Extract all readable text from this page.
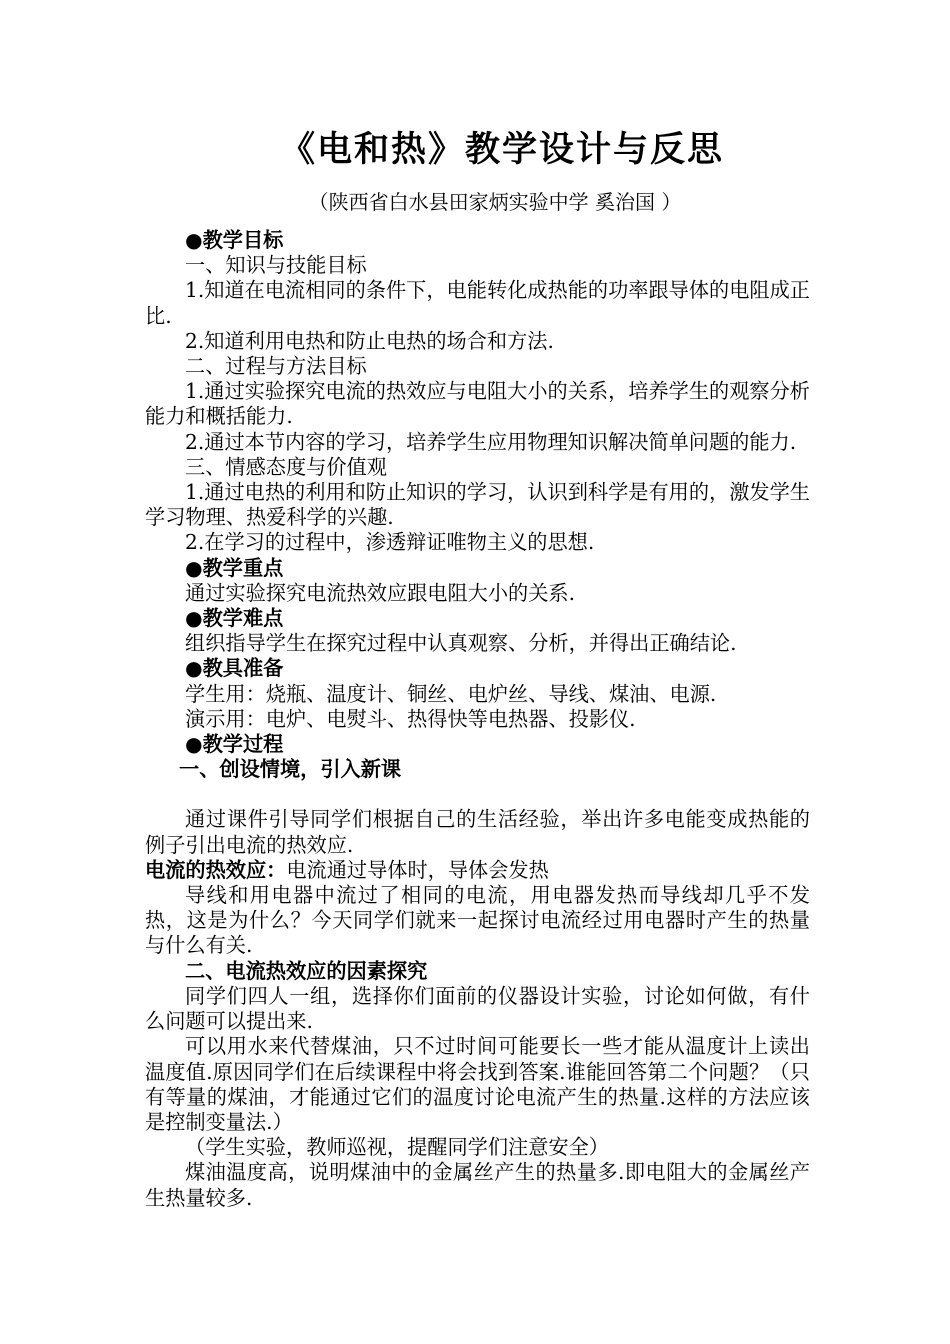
《电和热》教学设计与反思
（陕西省白水县田家炳实验中学 奚治国 ）

●教学目标

一、知识与技能目标

1.知道在电流相同的条件下，电能转化成热能的功率跟导体的电阻成正比.

2.知道利用电热和防止电热的场合和方法.

二、过程与方法目标

1.通过实验探究电流的热效应与电阻大小的关系，培养学生的观察分析能力和概括能力.

2.通过本节内容的学习，培养学生应用物理知识解决简单问题的能力.

三、情感态度与价值观

1.通过电热的利用和防止知识的学习，认识到科学是有用的，激发学生学习物理、热爱科学的兴趣.

2.在学习的过程中，渗透辩证唯物主义的思想.

●教学重点

通过实验探究电流热效应跟电阻大小的关系.

●教学难点

组织指导学生在探究过程中认真观察、分析，并得出正确结论.

●教具准备

学生用：烧瓶、温度计、铜丝、电炉丝、导线、煤油、电源.

演示用：电炉、电熨斗、热得快等电热器、投影仪.

●教学过程

一、创设情境，引入新课

通过课件引导同学们根据自己的生活经验，举出许多电能变成热能的例子引出电流的热效应.

电流的热效应：电流通过导体时，导体会发热

导线和用电器中流过了相同的电流，用电器发热而导线却几乎不发热，这是为什么？今天同学们就来一起探讨电流经过用电器时产生的热量与什么有关.

二、电流热效应的因素探究

同学们四人一组，选择你们面前的仪器设计实验，讨论如何做，有什么问题可以提出来.

可以用水来代替煤油，只不过时间可能要长一些才能从温度计上读出温度值.原因同学们在后续课程中将会找到答案.谁能回答第二个问题？（只有等量的煤油，才能通过它们的温度讨论电流产生的热量.这样的方法应该是控制变量法.）

（学生实验，教师巡视，提醒同学们注意安全）

煤油温度高，说明煤油中的金属丝产生的热量多.即电阻大的金属丝产生热量较多.
